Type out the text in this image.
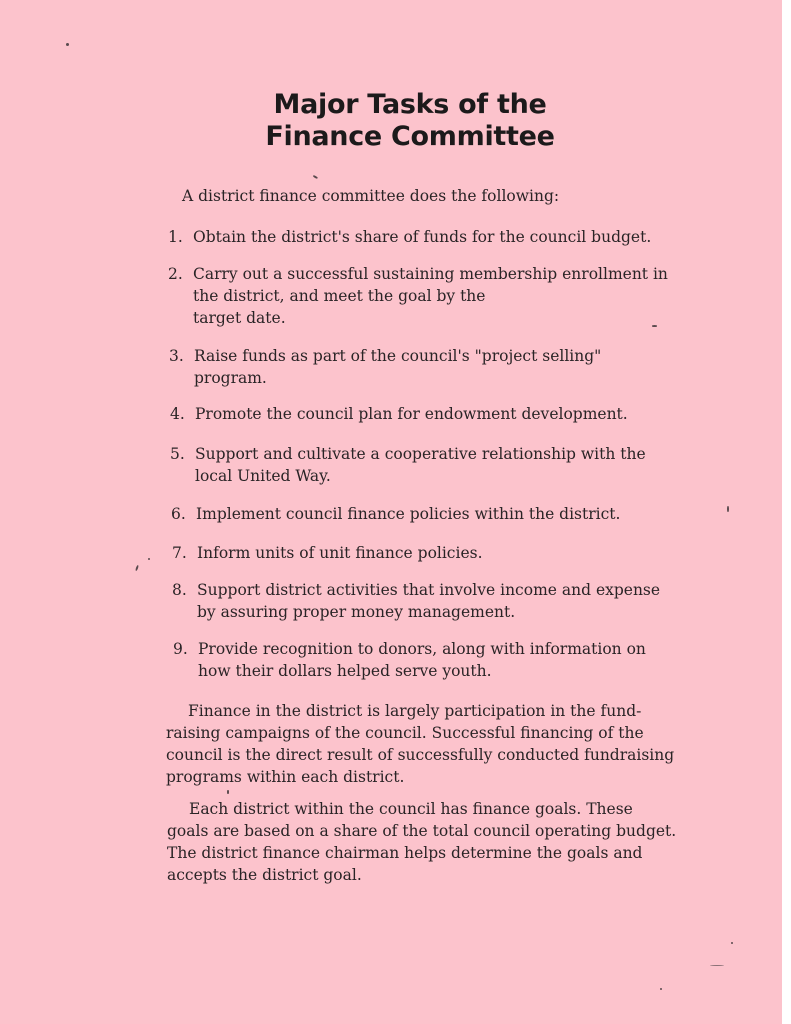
Major Tasks of the
Finance Committee
A district finance committee does the following:
1. Obtain the district's share of funds for the council budget.
2. Carry out a successful sustaining membership enrollment in
the district, and meet the goal by the
target date.
3. Raise funds as part of the council's "project selling"
program.
4. Promote the council plan for endowment development.
5. Support and cultivate a cooperative relationship with the
local United Way.
6. Implement council finance policies within the district.
7. Inform units of unit finance policies.
8. Support district activities that involve income and expense
by assuring proper money management.
9. Provide recognition to donors, along with information on
how their dollars helped serve youth.
Finance in the district is largely participation in the fund-
raising campaigns of the council. Successful financing of the
council is the direct result of successfully conducted fundraising
programs within each district.
Each district within the council has finance goals. These
goals are based on a share of the total council operating budget.
The district finance chairman helps determine the goals and
accepts the district goal.
